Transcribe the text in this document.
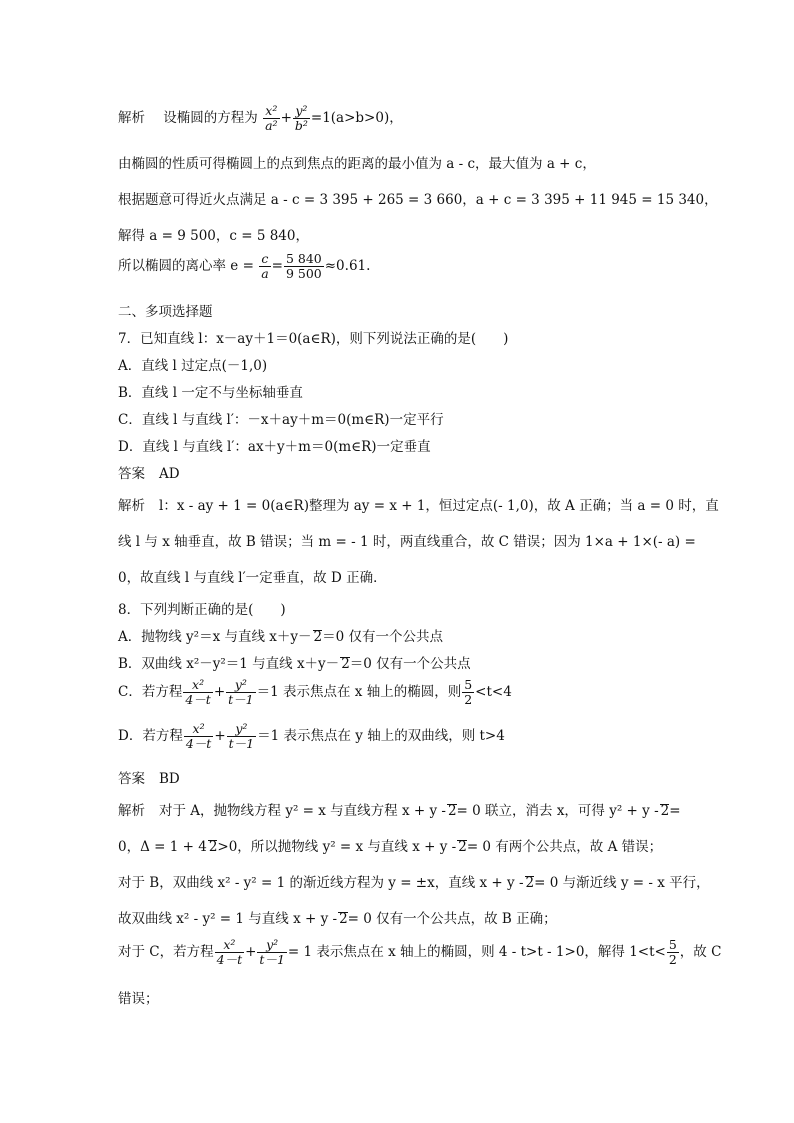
解析 设椭圆的方程为 $\frac{\text{x²}}{\text{a²}} + \frac{\text{y²}}{\text{b²}} =1(a>b>0)$，
由椭圆的性质可得椭圆上的点到焦点的距离的最小值为 a - c，最大值为 a + c，
根据题意可得近火点满足 a - c = 3 395 + 265 = 3 660，a + c = 3 395 + 11 945 = 15 340，
解得 a = 9 500，c = 5 840，
所以椭圆的离心率 $e = \frac{c}{a} = \frac{5 840}{9 500} \approx 0.61$.
二、多项选择题
7．已知直线 l：x－ay＋1＝0(a∈R)，则下列说法正确的是(　　)
A．直线 l 过定点(－1,0)
B．直线 l 一定不与坐标轴垂直
C．直线 l 与直线 l′：－x＋ay＋m＝0(m∈R)一定平行
D．直线 l 与直线 l′：ax＋y＋m＝0(m∈R)一定垂直
答案 AD
解析 l：x - ay + 1 = 0(a∈R)整理为 ay = x + 1，恒过定点(- 1,0)，故 A 正确；当 a = 0 时，直
线 l 与 x 轴垂直，故 B 错误；当 m = - 1 时，两直线重合，故 C 错误；因为 1×a + 1×(- a) =
0，故直线 l 与直线 l′一定垂直，故 D 正确．
8．下列判断正确的是(　　)
A．抛物线 y²＝x 与直线 x＋y－ 2＝0 仅有一个公共点
B．双曲线 x²－y²＝1 与直线 x＋y－ 2＝0 仅有一个公共点
C．若方程 $\frac{\text{x²}}{4-t} + \frac{\text{y²}}{t-1} =1$ 表示焦点在 x 轴上的椭圆，则 $\frac{5}{2} <t<4$
D．若方程 $\frac{\text{x²}}{4-t} + \frac{\text{y²}}{t-1} =1$ 表示焦点在 y 轴上的双曲线，则 t>4
答案 BD
解析 对于 A，抛物线方程 y² = x 与直线方程 x + y - 2= 0 联立，消去 x，可得 y² + y - 2=
0，Δ = 1 + 4 2>0，所以抛物线 y² = x 与直线 x + y - 2= 0 有两个公共点，故 A 错误；
对于 B，双曲线 x² - y² = 1 的渐近线方程为 y = ±x，直线 x + y - 2= 0 与渐近线 y = - x 平行，
故双曲线 x² - y² = 1 与直线 x + y - 2= 0 仅有一个公共点，故 B 正确；
对于 C，若方程 $\frac{\text{x²}}{4-t} + \frac{\text{y²}}{t-1} = 1$ 表示焦点在 x 轴上的椭圆，则 4 - t>t - 1>0，解得 $1<t< \frac{5}{2}$ ，故 C
错误；
